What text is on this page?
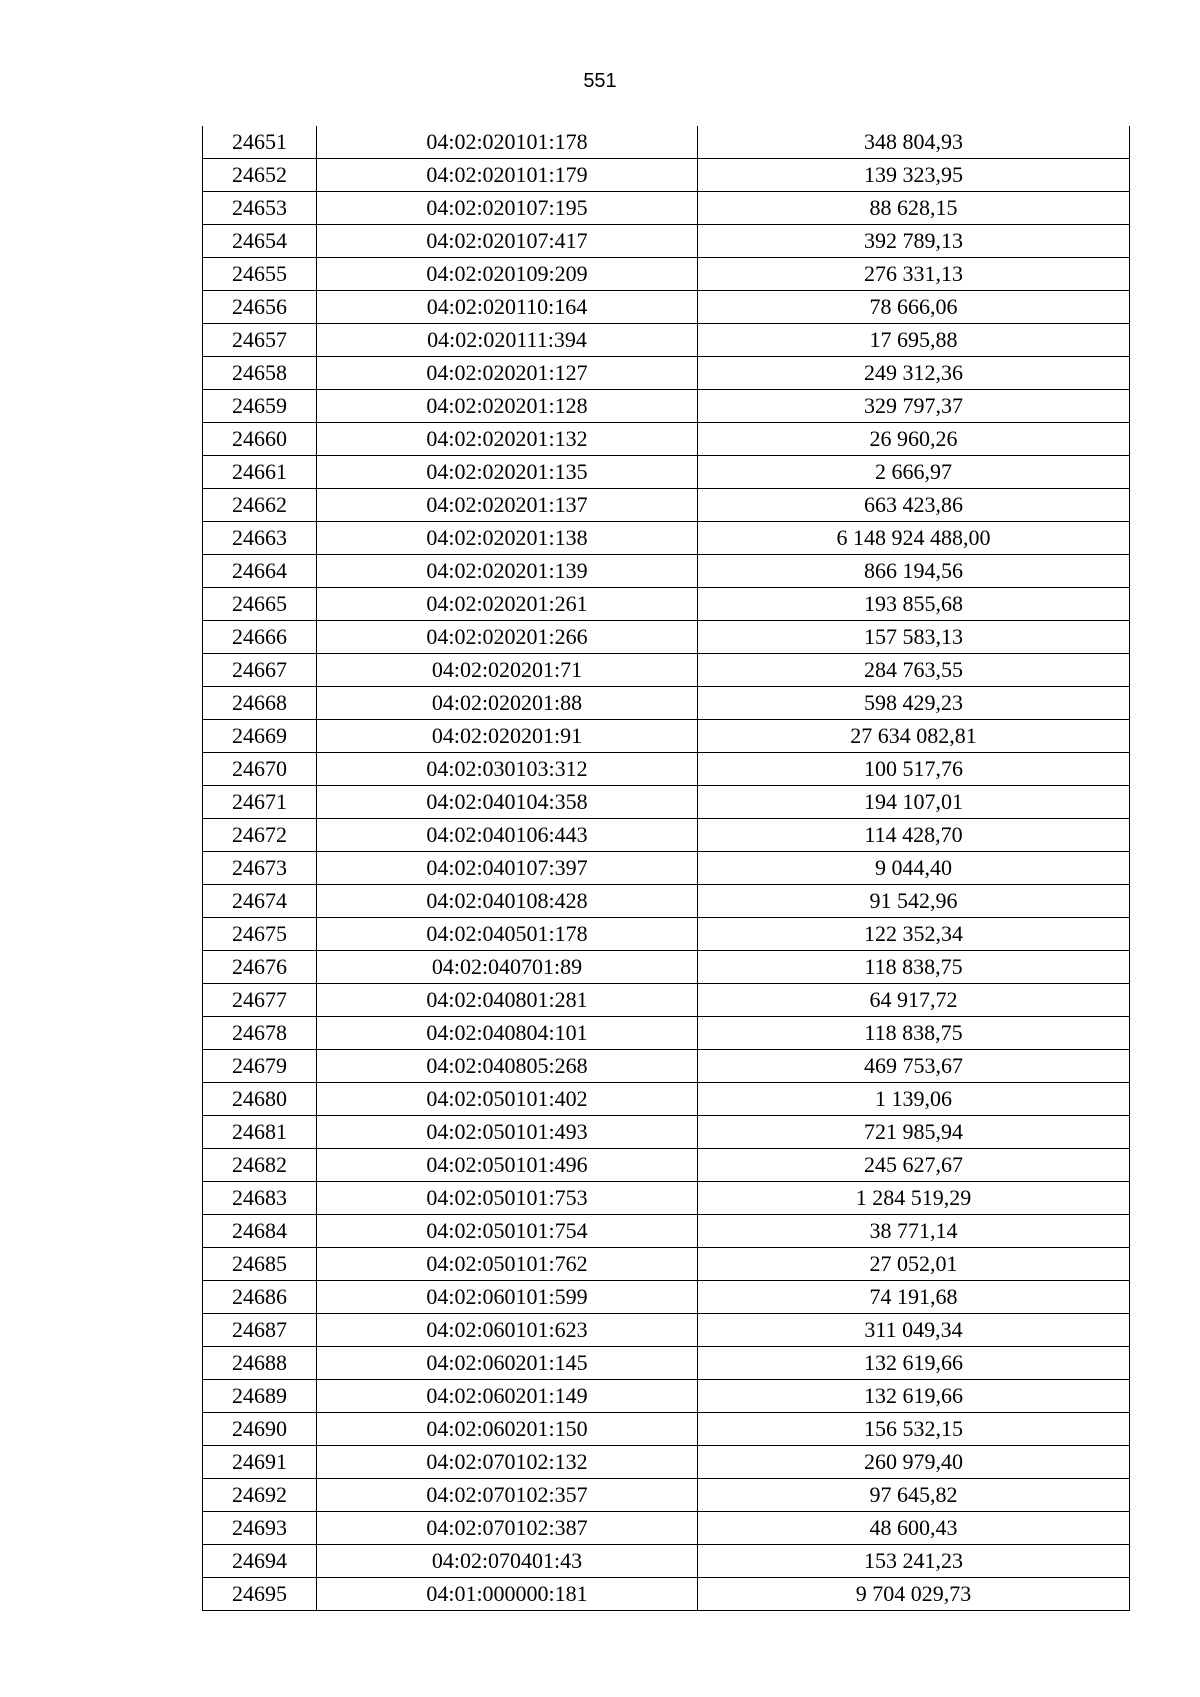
551
24651	04:02:020101:178	348 804,93
24652	04:02:020101:179	139 323,95
24653	04:02:020107:195	88 628,15
24654	04:02:020107:417	392 789,13
24655	04:02:020109:209	276 331,13
24656	04:02:020110:164	78 666,06
24657	04:02:020111:394	17 695,88
24658	04:02:020201:127	249 312,36
24659	04:02:020201:128	329 797,37
24660	04:02:020201:132	26 960,26
24661	04:02:020201:135	2 666,97
24662	04:02:020201:137	663 423,86
24663	04:02:020201:138	6 148 924 488,00
24664	04:02:020201:139	866 194,56
24665	04:02:020201:261	193 855,68
24666	04:02:020201:266	157 583,13
24667	04:02:020201:71	284 763,55
24668	04:02:020201:88	598 429,23
24669	04:02:020201:91	27 634 082,81
24670	04:02:030103:312	100 517,76
24671	04:02:040104:358	194 107,01
24672	04:02:040106:443	114 428,70
24673	04:02:040107:397	9 044,40
24674	04:02:040108:428	91 542,96
24675	04:02:040501:178	122 352,34
24676	04:02:040701:89	118 838,75
24677	04:02:040801:281	64 917,72
24678	04:02:040804:101	118 838,75
24679	04:02:040805:268	469 753,67
24680	04:02:050101:402	1 139,06
24681	04:02:050101:493	721 985,94
24682	04:02:050101:496	245 627,67
24683	04:02:050101:753	1 284 519,29
24684	04:02:050101:754	38 771,14
24685	04:02:050101:762	27 052,01
24686	04:02:060101:599	74 191,68
24687	04:02:060101:623	311 049,34
24688	04:02:060201:145	132 619,66
24689	04:02:060201:149	132 619,66
24690	04:02:060201:150	156 532,15
24691	04:02:070102:132	260 979,40
24692	04:02:070102:357	97 645,82
24693	04:02:070102:387	48 600,43
24694	04:02:070401:43	153 241,23
24695	04:01:000000:181	9 704 029,73
